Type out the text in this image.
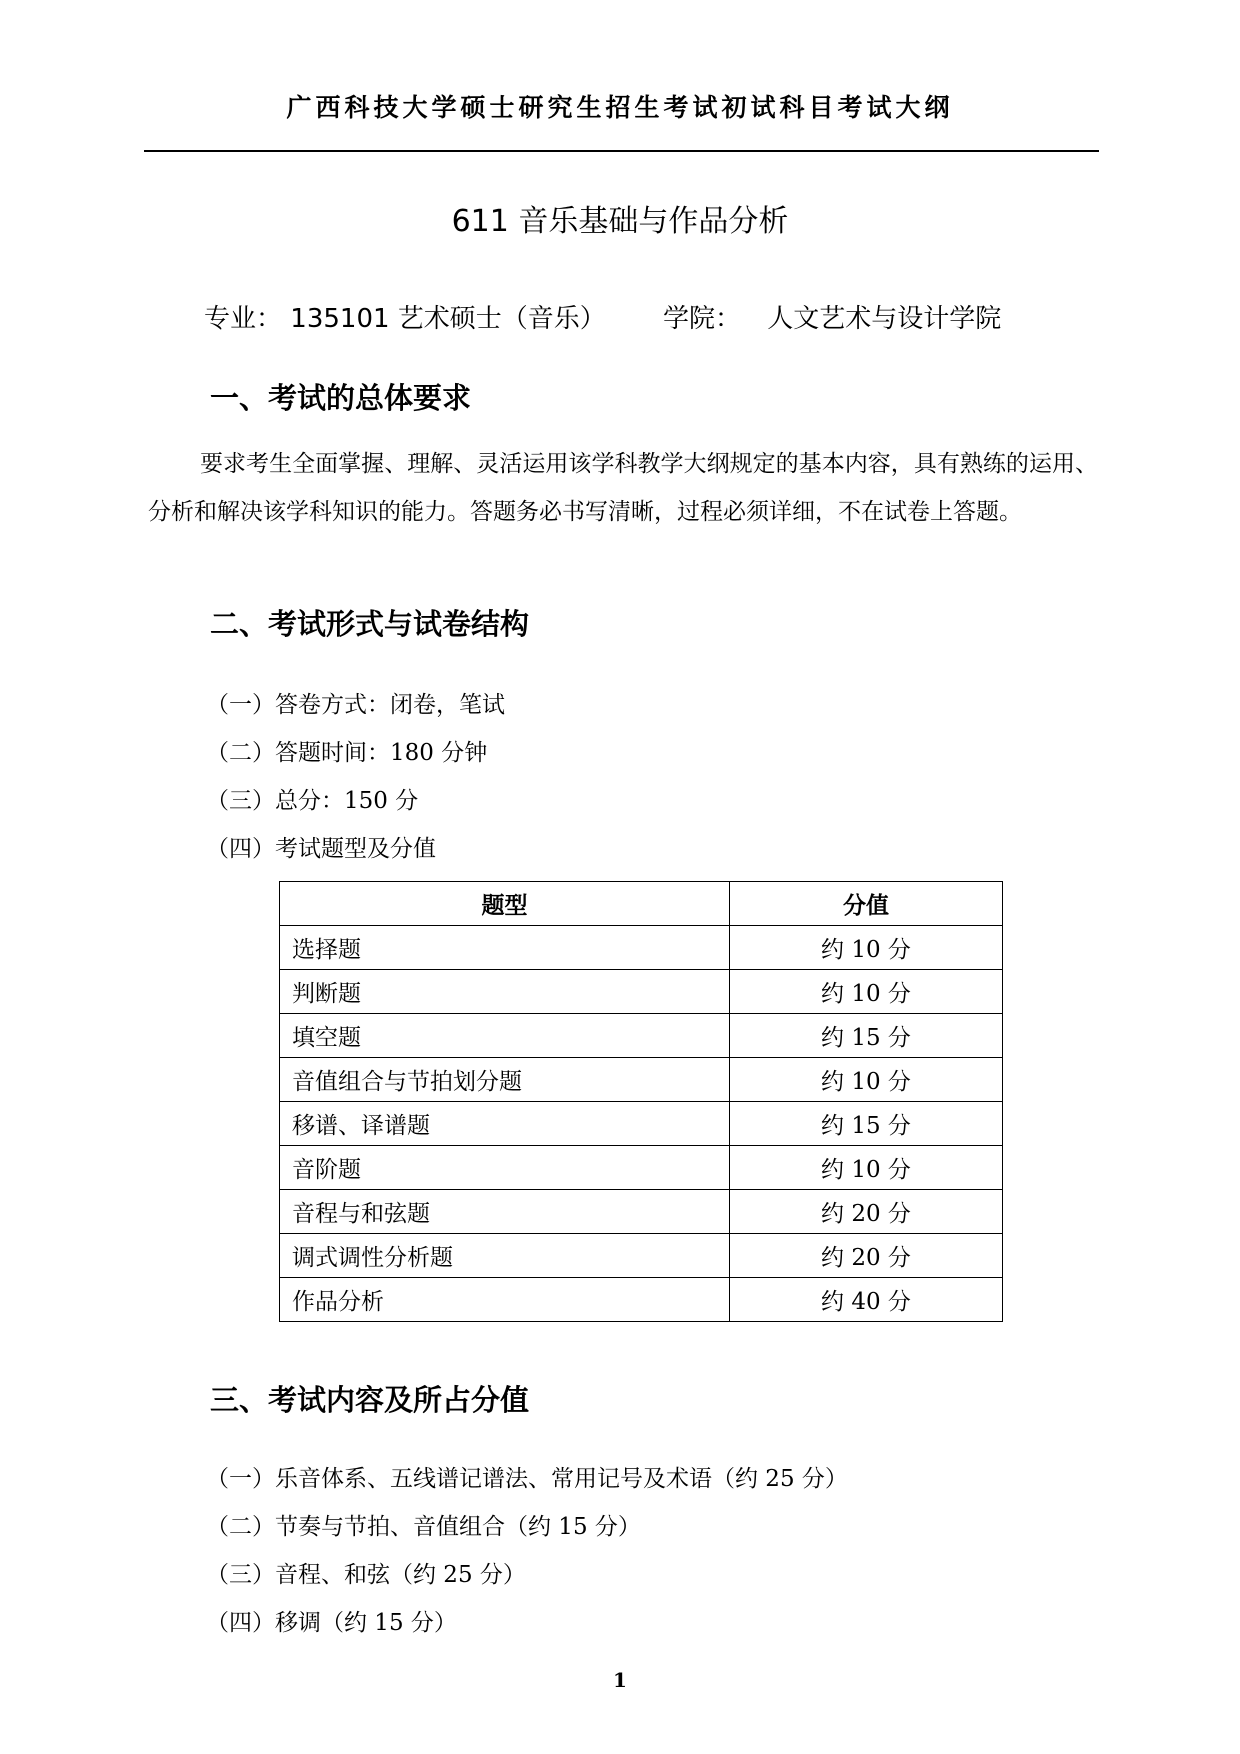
广西科技大学硕士研究生招生考试初试科目考试大纲
611 音乐基础与作品分析
专业： 135101 艺术硕士（音乐） 学院： 人文艺术与设计学院
一、考试的总体要求
要求考生全面掌握、理解、灵活运用该学科教学大纲规定的基本内容，具有熟练的运用、分析和解决该学科知识的能力。答题务必书写清晰，过程必须详细，不在试卷上答题。
二、考试形式与试卷结构
（一）答卷方式：闭卷，笔试
（二）答题时间：180 分钟
（三）总分：150 分
（四）考试题型及分值
题型	分值
选择题	约 10 分
判断题	约 10 分
填空题	约 15 分
音值组合与节拍划分题	约 10 分
移谱、译谱题	约 15 分
音阶题	约 10 分
音程与和弦题	约 20 分
调式调性分析题	约 20 分
作品分析	约 40 分
三、考试内容及所占分值
（一）乐音体系、五线谱记谱法、常用记号及术语（约 25 分）
（二）节奏与节拍、音值组合（约 15 分）
（三）音程、和弦（约 25 分）
（四）移调（约 15 分）
1
